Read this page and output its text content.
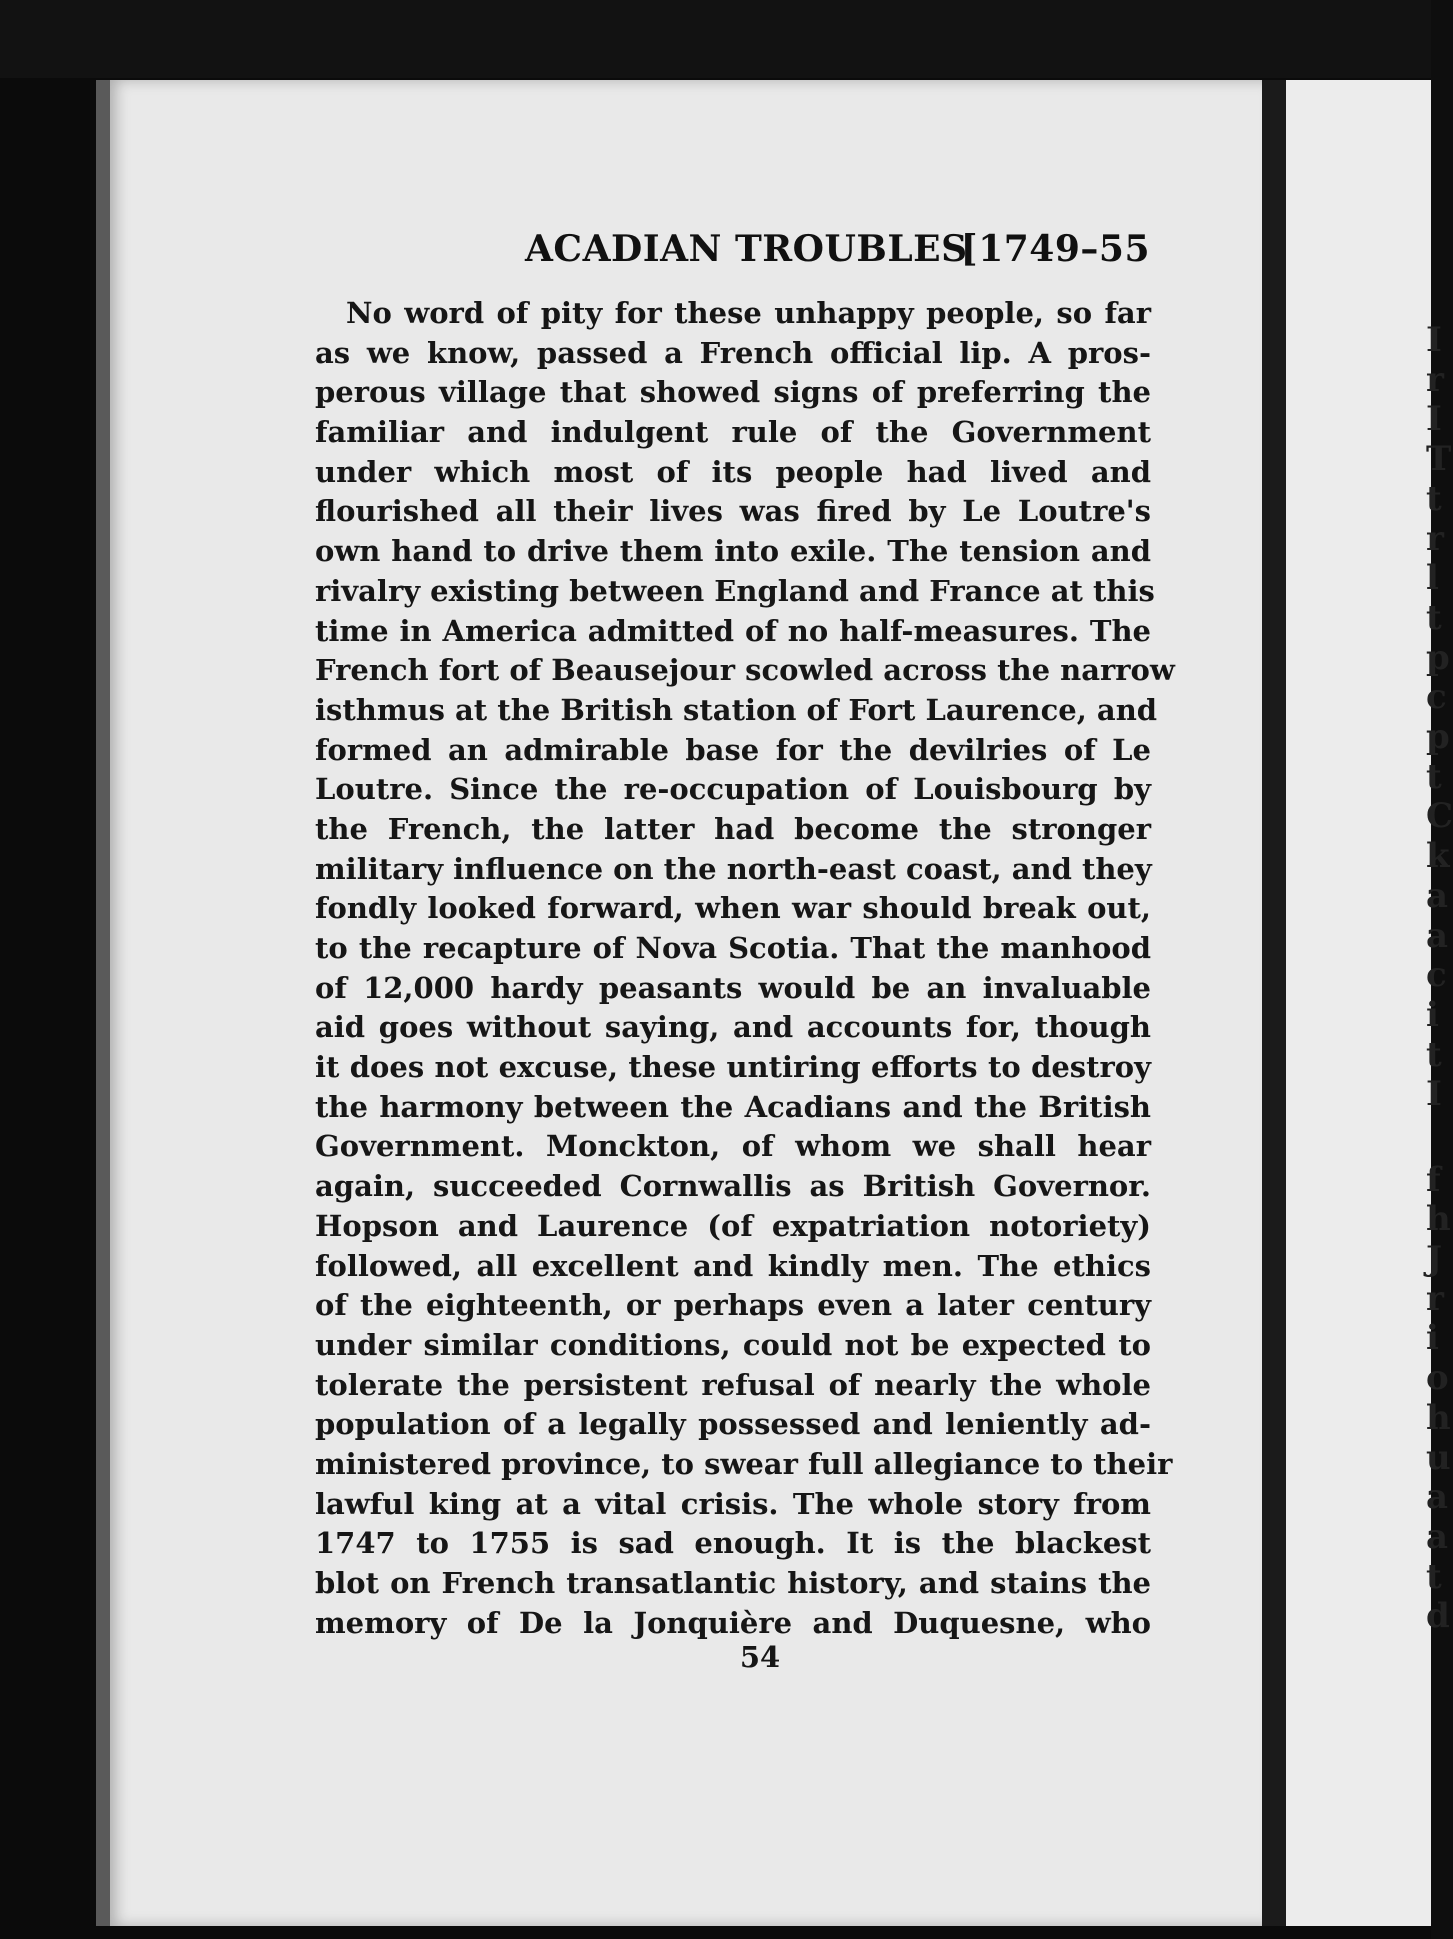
ACADIAN TROUBLES
[1749–55
No word of pity for these unhappy people, so far
as we know, passed a French official lip. A pros-
perous village that showed signs of preferring the
familiar and indulgent rule of the Government
under which most of its people had lived and
flourished all their lives was fired by Le Loutre's
own hand to drive them into exile. The tension and
rivalry existing between England and France at this
time in America admitted of no half-measures. The
French fort of Beausejour scowled across the narrow
isthmus at the British station of Fort Laurence, and
formed an admirable base for the devilries of Le
Loutre. Since the re-occupation of Louisbourg by
the French, the latter had become the stronger
military influence on the north-east coast, and they
fondly looked forward, when war should break out,
to the recapture of Nova Scotia. That the manhood
of 12,000 hardy peasants would be an invaluable
aid goes without saying, and accounts for, though
it does not excuse, these untiring efforts to destroy
the harmony between the Acadians and the British
Government. Monckton, of whom we shall hear
again, succeeded Cornwallis as British Governor.
Hopson and Laurence (of expatriation notoriety)
followed, all excellent and kindly men. The ethics
of the eighteenth, or perhaps even a later century
under similar conditions, could not be expected to
tolerate the persistent refusal of nearly the whole
population of a legally possessed and leniently ad-
ministered province, to swear full allegiance to their
lawful king at a vital crisis. The whole story from
1747 to 1755 is sad enough. It is the blackest
blot on French transatlantic history, and stains the
memory of De la Jonquière and Duquesne, who
54
I
r
I
T
t
r
l
t
p
c
p
t
C
k
a
a
c
i
t
I
f
h
J
r
i
o
h
u
a
a
t
d
